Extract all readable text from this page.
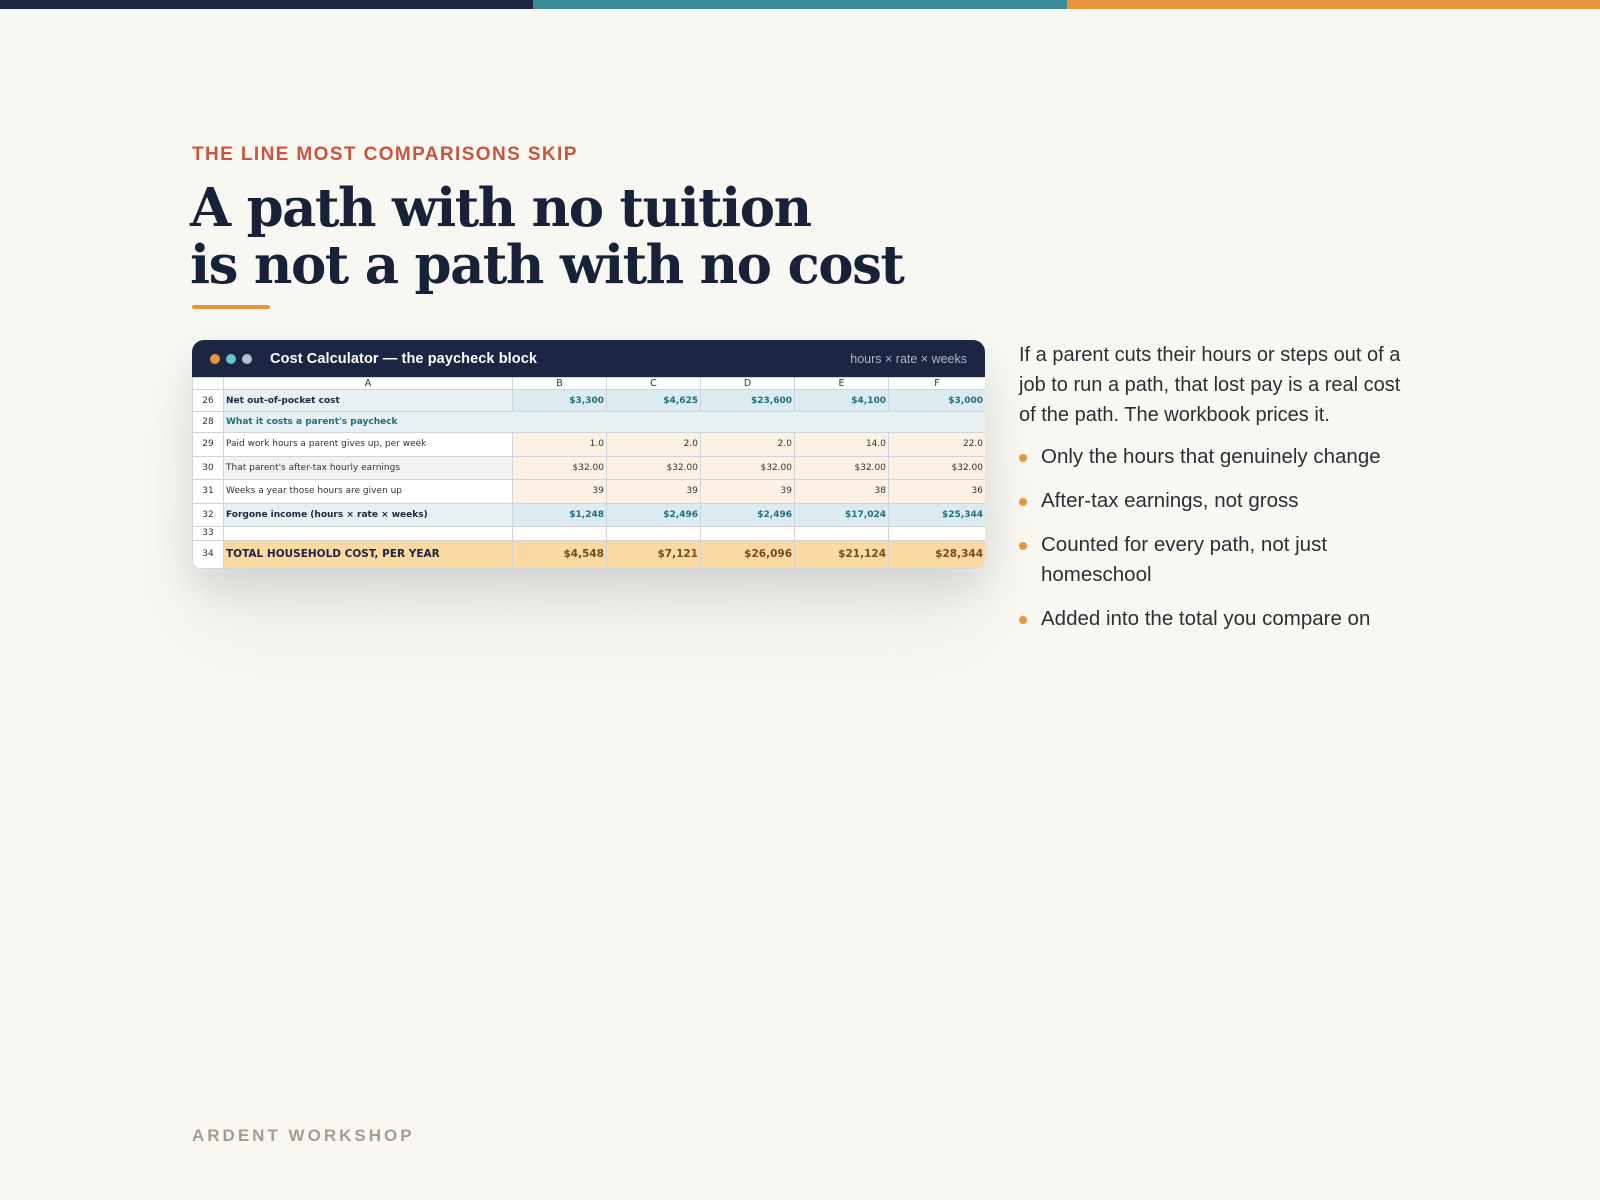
THE LINE MOST COMPARISONS SKIP
A path with no tuition
is not a path with no cost
Cost Calculator — the paycheck block	hours × rate × weeks
	A	B	C	D	E	F
26	Net out-of-pocket cost	$3,300	$4,625	$23,600	$4,100	$3,000
28	What it costs a parent's paycheck					
29	Paid work hours a parent gives up, per week	1.0	2.0	2.0	14.0	22.0
30	That parent's after-tax hourly earnings	$32.00	$32.00	$32.00	$32.00	$32.00
31	Weeks a year those hours are given up	39	39	39	38	36
32	Forgone income (hours × rate × weeks)	$1,248	$2,496	$2,496	$17,024	$25,344
33						
34	TOTAL HOUSEHOLD COST, PER YEAR	$4,548	$7,121	$26,096	$21,124	$28,344

If a parent cuts their hours or steps out of a job to run a path, that lost pay is a real cost of the path. The workbook prices it.

Only the hours that genuinely change
After-tax earnings, not gross
Counted for every path, not just homeschool
Added into the total you compare on
ARDENT WORKSHOP
